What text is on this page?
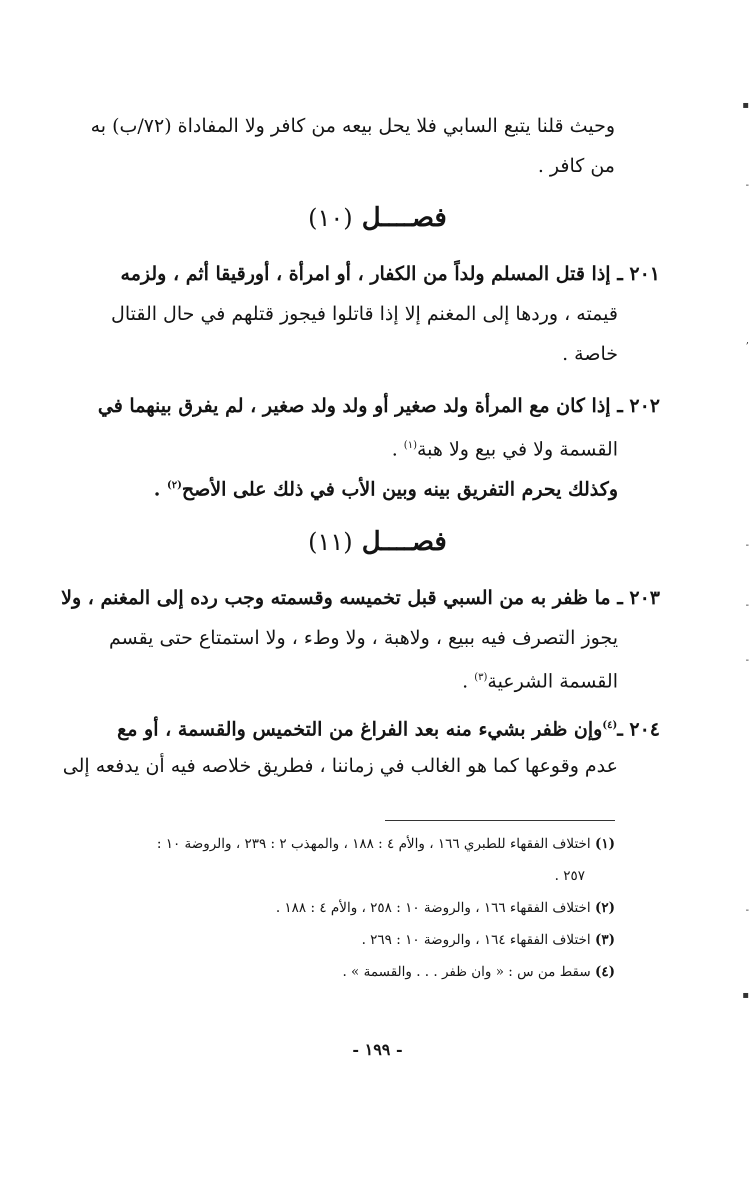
وحيث قلنا يتبع السابي فلا يحل بيعه من كافر ولا المفاداة (٧٢/ب) به
من كافر .
فصــــل (١٠)
٢٠١ ـ إذا قتل المسلم ولداً من الكفار ، أو امرأة ، أورقيقا أثم ، ولزمه
قيمته ، وردها إلى المغنم إلا إذا قاتلوا فيجوز قتلهم في حال القتال
خاصة .
٢٠٢ ـ إذا كان مع المرأة ولد صغير أو ولد ولد صغير ، لم يفرق بينهما في
القسمة ولا في بيع ولا هبة$^{(١)}$ .
وكذلك يحرم التفريق بينه وبين الأب في ذلك على الأصح$^{(٢)}$ .
فصــــل (١١)
٢٠٣ ـ ما ظفر به من السبي قبل تخميسه وقسمته وجب رده إلى المغنم ، ولا
يجوز التصرف فيه ببيع ، ولاهبة ، ولا وطء ، ولا استمتاع حتى يقسم
القسمة الشرعية$^{(٣)}$ .
٢٠٤ ـ$^{(٤)}$وإن ظفر بشيء منه بعد الفراغ من التخميس والقسمة ، أو مع
عدم وقوعها كما هو الغالب في زماننا ، فطريق خلاصه فيه أن يدفعه إلى
(١) اختلاف الفقهاء للطبري ١٦٦ ، والأم ٤ : ١٨٨ ، والمهذب ٢ : ٢٣٩ ، والروضة ١٠ :
٢٥٧ .
(٢) اختلاف الفقهاء ١٦٦ ، والروضة ١٠ : ٢٥٨ ، والأم ٤ : ١٨٨ .
(٣) اختلاف الفقهاء ١٦٤ ، والروضة ١٠ : ٢٦٩ .
(٤) سقط من س : « وان ظفر . . . والقسمة » .
- ١٩٩ -
▪
-
,
-
-
-
-
▪
